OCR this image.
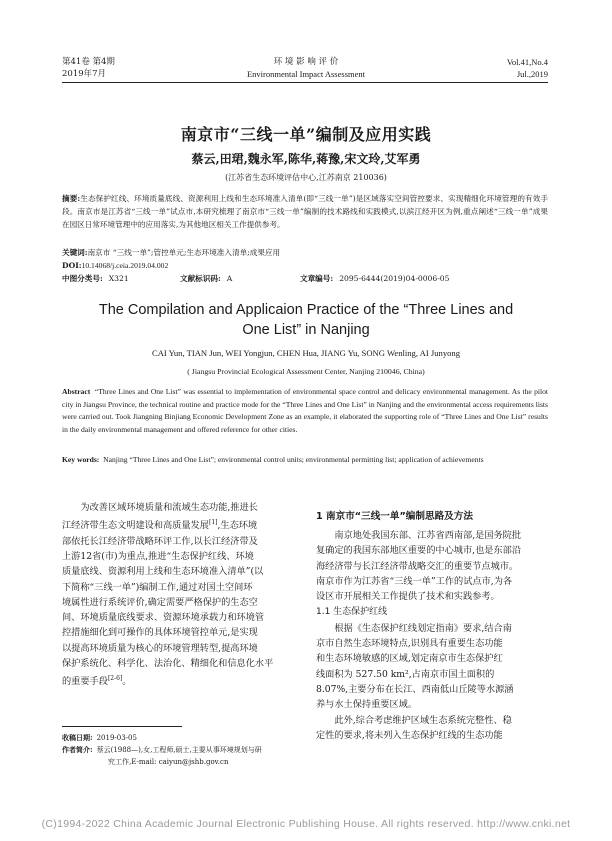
第41卷 第4期
2019年7月
环 境 影 响 评 价
Environmental Impact Assessment
Vol.41,No.4
Jul.,2019
南京市“三线一单”编制及应用实践
蔡云,田珺,魏永军,陈华,蒋豫,宋文玲,艾军勇
(江苏省生态环境评估中心,江苏南京 210036)
摘要:生态保护红线、环境质量底线、资源利用上线和生态环境准入清单(即“三线一单”)是区域落实空间管控要求、实现精细化环境管理的有效手段。南京市是江苏省“三线一单”试点市,本研究梳理了南京市“三线一单”编制的技术路线和实践模式,以滨江经开区为例,重点阐述“三线一单”成果在园区日常环境管理中的应用落实,为其他地区相关工作提供参考。
关键词:南京市 “三线一单”;管控单元;生态环境准入清单;成果应用
DOI:10.14068/j.ceia.2019.04.002
中图分类号: X321	文献标识码: A	文章编号: 2095-6444(2019)04-0006-05
The Compilation and Applicaion Practice of the “Three Lines and
One List” in Nanjing
CAI Yun, TIAN Jun, WEI Yongjun, CHEN Hua, JIANG Yu, SONG Wenling, AI Junyong
( Jiangsu Provincial Ecological Assessment Center, Nanjing 210046, China)
Abstract “Three Lines and One List” was essential to implementation of environmental space control and delicacy environmental management. As the pilot city in Jiangsu Province, the technical routine and practice mode for the “Three Lines and One List” in Nanjing and the environmental access requirements lists were carried out. Took Jiangning Binjiang Economic Development Zone as an example, it elaborated the supporting role of “Three Lines and One List” results in the daily environmental management and offered reference for other cities.
Key words: Nanjing “Three Lines and One List”; environmental control units; environmental permitting list; application of achievements
为改善区域环境质量和流域生态功能,推进长
江经济带生态文明建设和高质量发展[1],生态环境
部依托长江经济带战略环评工作,以长江经济带及
上游12省(市)为重点,推进“生态保护红线、环境
质量底线、资源利用上线和生态环境准入清单”(以
下简称“三线一单”)编制工作,通过对国土空间环
境属性进行系统评价,确定需要严格保护的生态空
间、环境质量底线要求、资源环境承载力和环境管
控措施细化到可操作的具体环境管控单元,是实现
以提高环境质量为核心的环境管理转型,提高环境
保护系统化、科学化、法治化、精细化和信息化水平
的重要手段[2-6]。
收稿日期: 2019-03-05
作者简介: 蔡云(1988—),女,工程师,硕士,主要从事环境规划与研
究工作,E-mail: caiyun@jshb.gov.cn
1 南京市“三线一单”编制思路及方法
南京地处我国东部、江苏省西南部,是国务院批
复确定的我国东部地区重要的中心城市,也是东部沿
海经济带与长江经济带战略交汇的重要节点城市。
南京市作为江苏省“三线一单”工作的试点市,为各
设区市开展相关工作提供了技术和实践参考。
1.1 生态保护红线
根据《生态保护红线划定指南》要求,结合南
京市自然生态环境特点,识别具有重要生态功能
和生态环境敏感的区域,划定南京市生态保护红
线面积为 527.50 km²,占南京市国土面积的
8.07%,主要分布在长江、西南低山丘陵等水源涵
养与水土保持重要区域。
此外,综合考虑维护区域生态系统完整性、稳
定性的要求,将未列入生态保护红线的生态功能
(C)1994-2022 China Academic Journal Electronic Publishing House. All rights reserved. http://www.cnki.net
